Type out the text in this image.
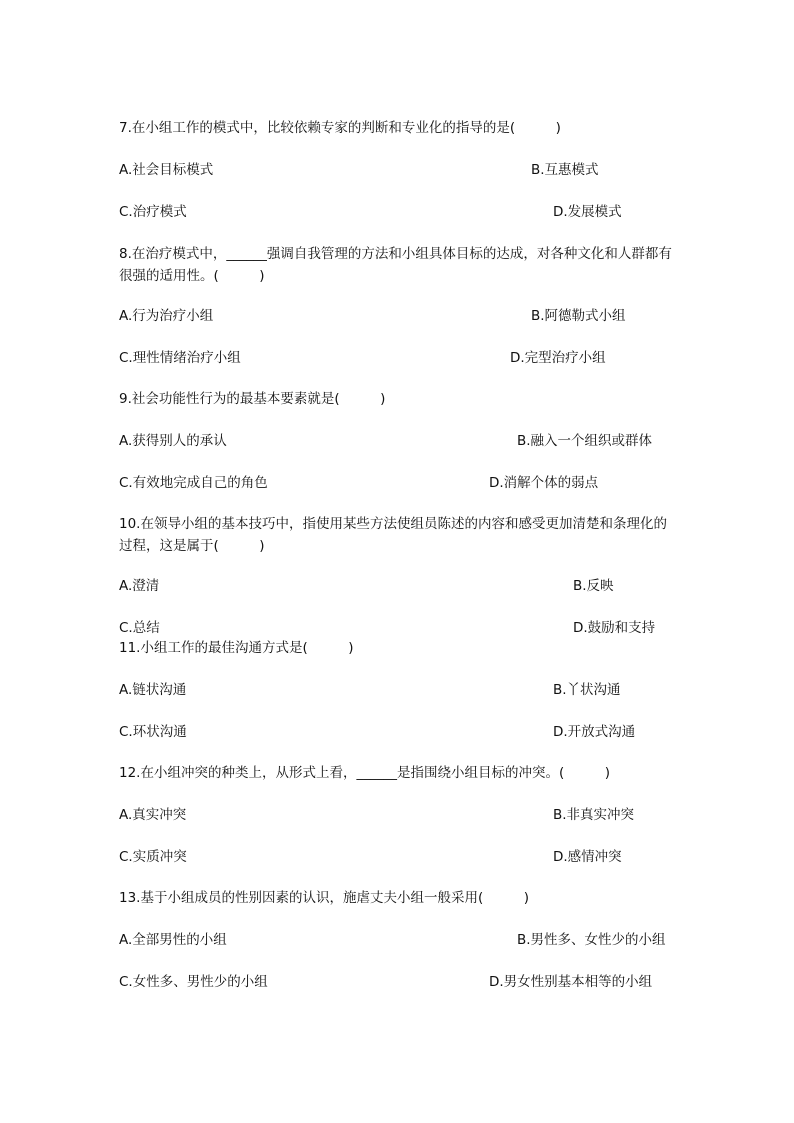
7.在小组工作的模式中，比较依赖专家的判断和专业化的指导的是(　　　)
A.社会目标模式	B.互惠模式
C.治疗模式	D.发展模式
8.在治疗模式中，______强调自我管理的方法和小组具体目标的达成，对各种文化和人群都有很强的适用性。(　　　)
A.行为治疗小组	B.阿德勒式小组
C.理性情绪治疗小组	D.完型治疗小组
9.社会功能性行为的最基本要素就是(　　　)
A.获得别人的承认	B.融入一个组织或群体
C.有效地完成自己的角色	D.消解个体的弱点
10.在领导小组的基本技巧中，指使用某些方法使组员陈述的内容和感受更加清楚和条理化的过程，这是属于(　　　)
A.澄清	B.反映
C.总结	D.鼓励和支持
11.小组工作的最佳沟通方式是(　　　)
A.链状沟通	B.丫状沟通
C.环状沟通	D.开放式沟通
12.在小组冲突的种类上，从形式上看，______是指围绕小组目标的冲突。(　　　)
A.真实冲突	B.非真实冲突
C.实质冲突	D.感情冲突
13.基于小组成员的性别因素的认识，施虐丈夫小组一般采用(　　　)
A.全部男性的小组	B.男性多、女性少的小组
C.女性多、男性少的小组	D.男女性别基本相等的小组
